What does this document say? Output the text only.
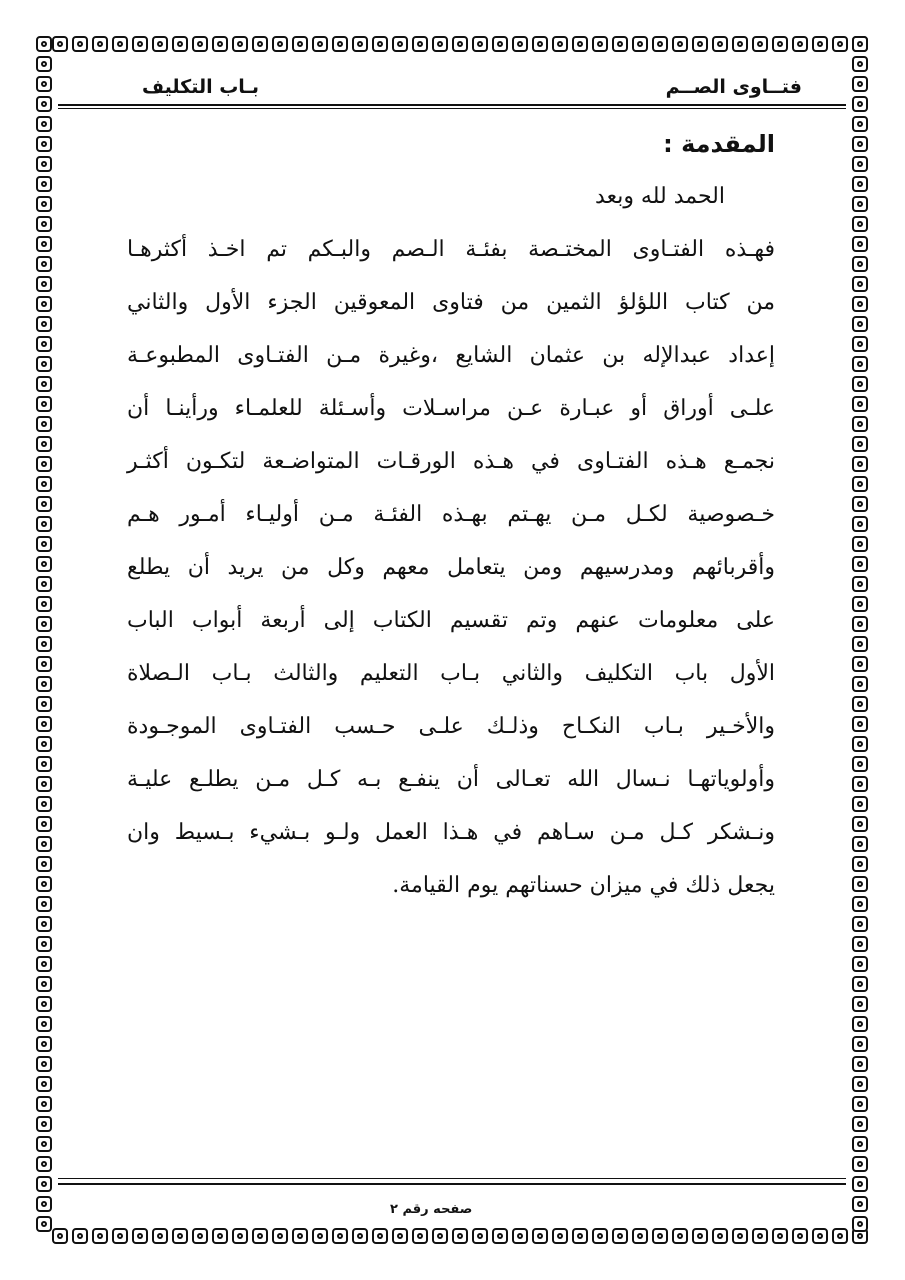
فتــاوى الصــم
بـاب التكليف

المقدمة :

الحمد لله وبعد

فهـذه الفتـاوى المختـصة بفئـة الـصم والبـكم تم اخـذ أكثرهـا
من كتاب اللؤلؤ الثمين من فتاوى المعوقين الجزء الأول والثاني
إعداد عبدالإله بن عثمان الشايع ،وغيرة مـن الفتـاوى المطبوعـة
علـى أوراق أو عبـارة عـن مراسـلات وأسـئلة للعلمـاء ورأينـا أن
نجمـع هـذه الفتـاوى في هـذه الورقـات المتواضـعة لتكـون أكثـر
خـصوصية لكـل مـن يهـتم بهـذه الفئـة مـن أوليـاء أمـور هـم
وأقربائهم ومدرسيهم ومن يتعامل معهم وكل من يريد أن يطلع
على معلومات عنهم وتم تقسيم الكتاب إلى أربعة أبواب الباب
الأول باب التكليف والثاني بـاب التعليم والثالث بـاب الـصلاة
والأخـير بـاب النكـاح وذلـك علـى حـسب الفتـاوى الموجـودة
وأولوياتهـا نـسال الله تعـالى أن ينفـع بـه كـل مـن يطلـع عليـة
ونـشكر كـل مـن سـاهم في هـذا العمل ولـو بـشيء بـسيط وان
يجعل ذلك في ميزان حسناتهم يوم القيامة.
صفحه رقم ٢
